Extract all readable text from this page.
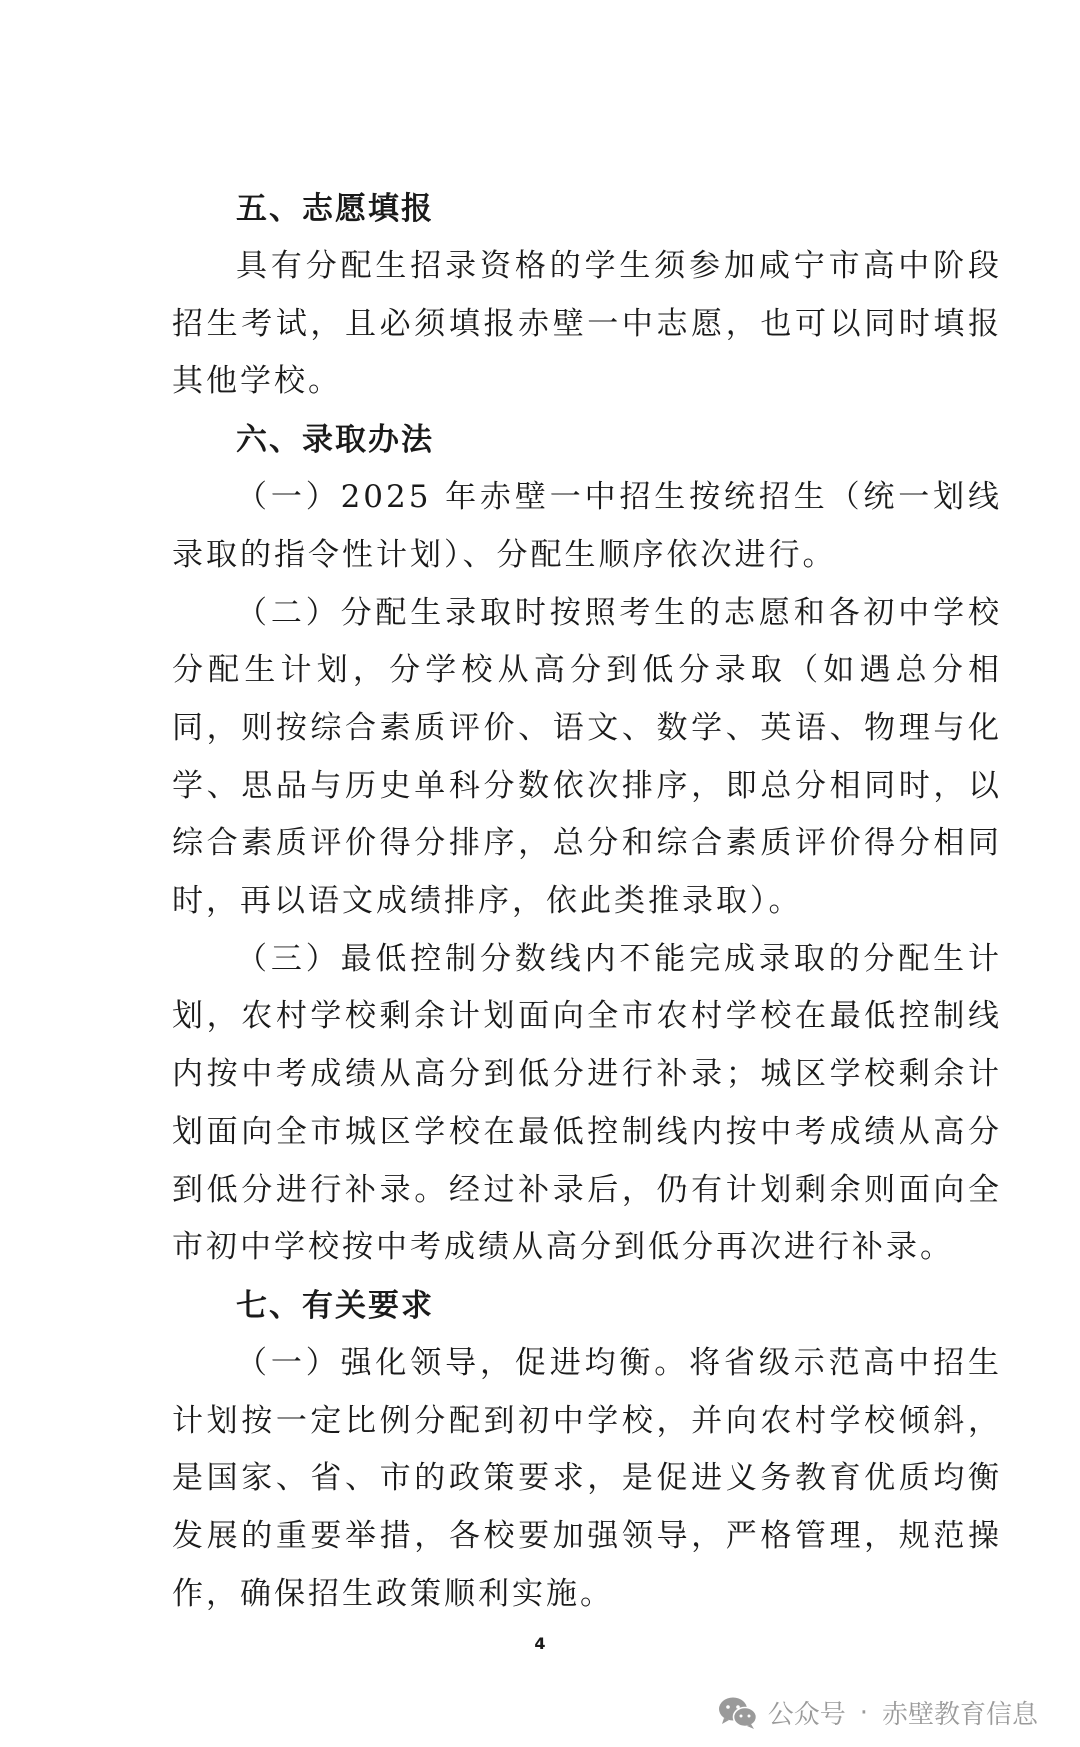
五、志愿填报

具有分配生招录资格的学生须参加咸宁市高中阶段招生考试，且必须填报赤壁一中志愿，也可以同时填报其他学校。

六、录取办法

（一）2025 年赤壁一中招生按统招生（统一划线录取的指令性计划）、分配生顺序依次进行。

（二）分配生录取时按照考生的志愿和各初中学校分配生计划，分学校从高分到低分录取（如遇总分相同，则按综合素质评价、语文、数学、英语、物理与化学、思品与历史单科分数依次排序，即总分相同时，以综合素质评价得分排序，总分和综合素质评价得分相同时，再以语文成绩排序，依此类推录取）。

（三）最低控制分数线内不能完成录取的分配生计划，农村学校剩余计划面向全市农村学校在最低控制线内按中考成绩从高分到低分进行补录；城区学校剩余计划面向全市城区学校在最低控制线内按中考成绩从高分到低分进行补录。经过补录后，仍有计划剩余则面向全市初中学校按中考成绩从高分到低分再次进行补录。

七、有关要求

（一）强化领导，促进均衡。将省级示范高中招生计划按一定比例分配到初中学校，并向农村学校倾斜，是国家、省、市的政策要求，是促进义务教育优质均衡发展的重要举措，各校要加强领导，严格管理，规范操作，确保招生政策顺利实施。

4
公众号 · 赤壁教育信息
